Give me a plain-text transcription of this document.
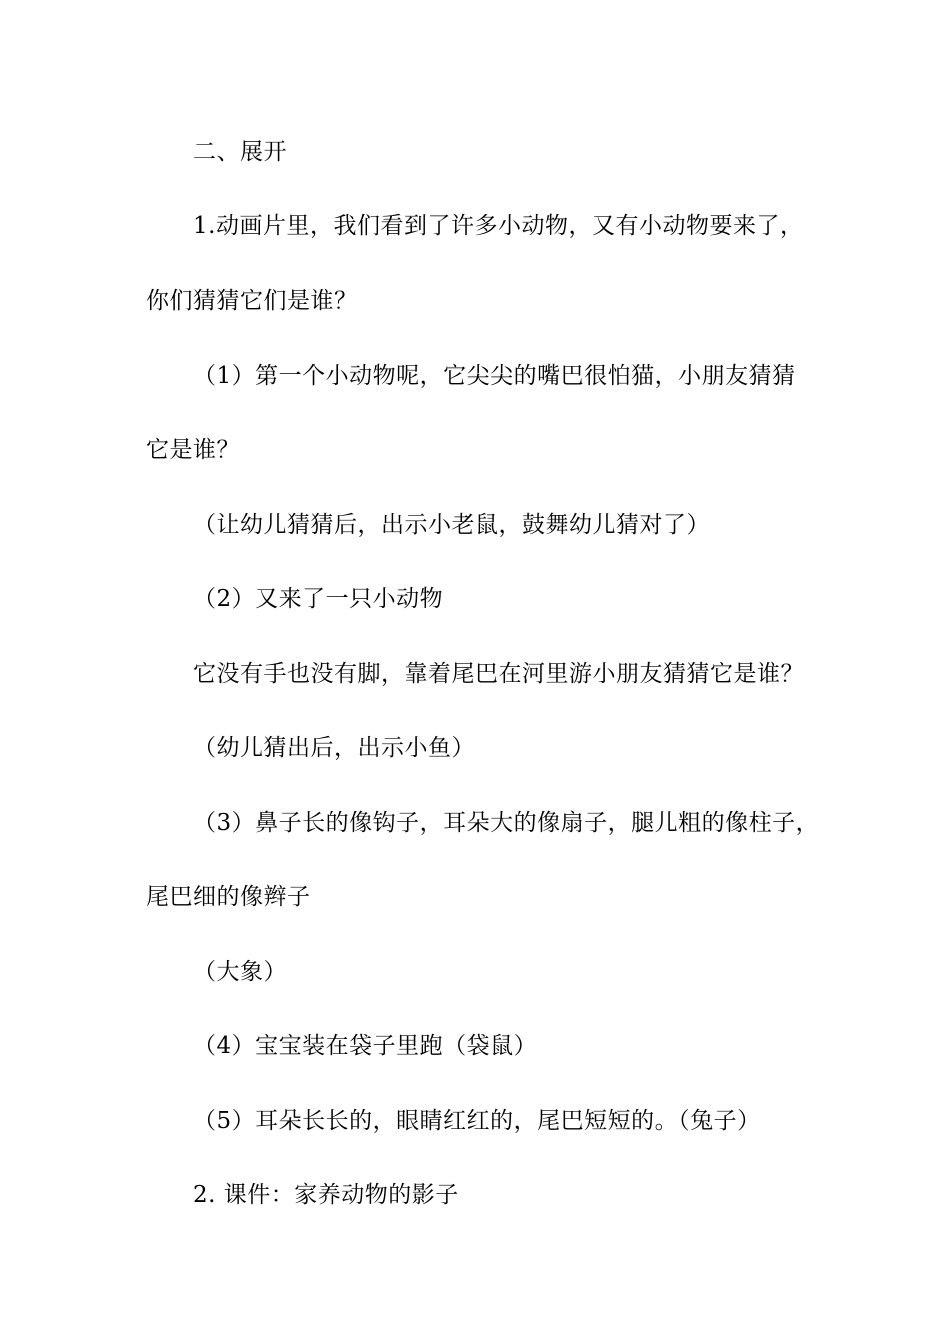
二、展开
1.动画片里，我们看到了许多小动物，又有小动物要来了，
你们猜猜它们是谁？
（1）第一个小动物呢，它尖尖的嘴巴很怕猫，小朋友猜猜
它是谁？
（让幼儿猜猜后，出示小老鼠，鼓舞幼儿猜对了）
（2）又来了一只小动物
它没有手也没有脚，靠着尾巴在河里游小朋友猜猜它是谁？
（幼儿猜出后，出示小鱼）
（3）鼻子长的像钩子，耳朵大的像扇子，腿儿粗的像柱子，
尾巴细的像辫子
（大象）
（4）宝宝装在袋子里跑（袋鼠）
（5）耳朵长长的，眼睛红红的，尾巴短短的。（兔子）
2. 课件：家养动物的影子
